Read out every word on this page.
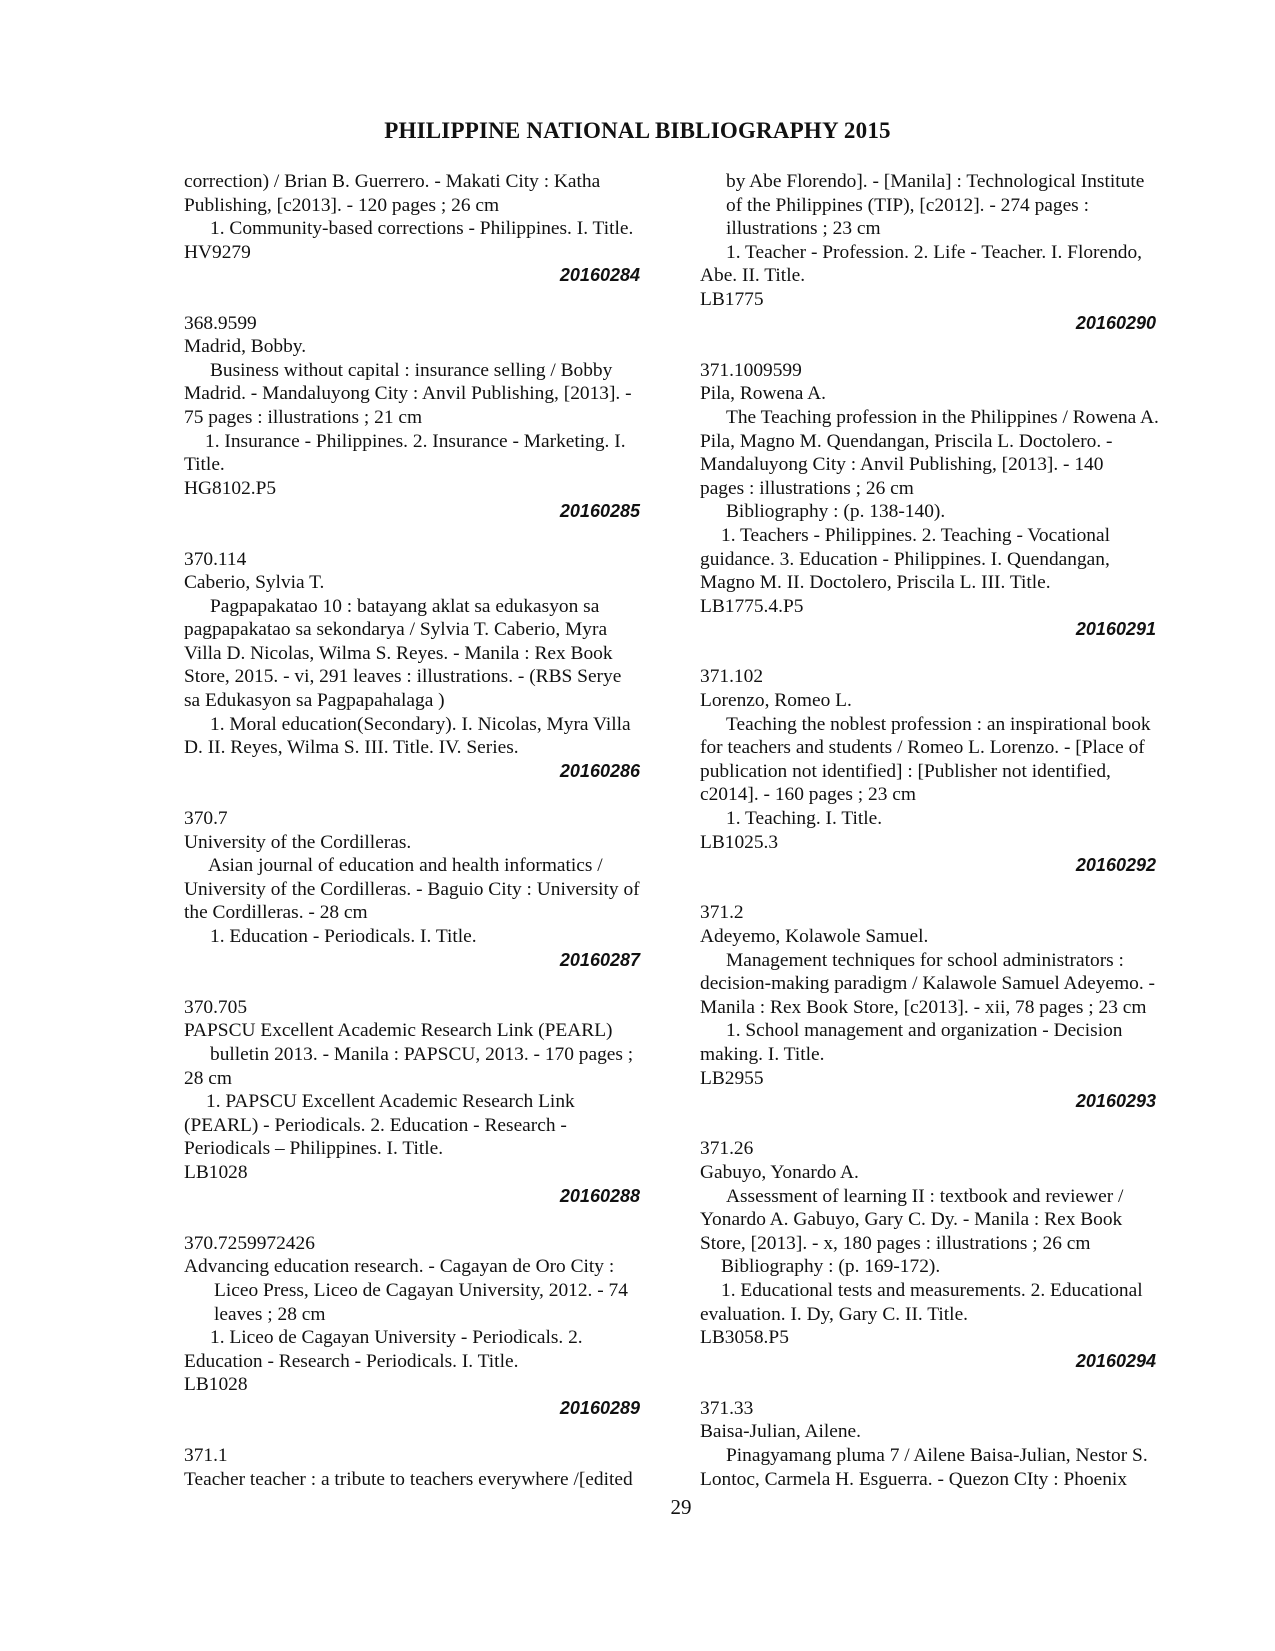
PHILIPPINE NATIONAL BIBLIOGRAPHY 2015
correction) / Brian B. Guerrero. - Makati City : Katha
Publishing, [c2013]. - 120 pages ; 26 cm
1. Community-based corrections - Philippines. I. Title.
HV9279
20160284
368.9599
Madrid, Bobby.
Business without capital : insurance selling / Bobby
Madrid. - Mandaluyong City : Anvil Publishing, [2013]. -
75 pages : illustrations ; 21 cm
1. Insurance - Philippines. 2. Insurance - Marketing. I.
Title.
HG8102.P5
20160285
370.114
Caberio, Sylvia T.
Pagpapakatao 10 : batayang aklat sa edukasyon sa
pagpapakatao sa sekondarya / Sylvia T. Caberio, Myra
Villa D. Nicolas, Wilma S. Reyes. - Manila : Rex Book
Store, 2015. - vi, 291 leaves : illustrations. - (RBS Serye
sa Edukasyon sa Pagpapahalaga )
1. Moral education(Secondary). I. Nicolas, Myra Villa
D. II. Reyes, Wilma S. III. Title. IV. Series.
20160286
370.7
University of the Cordilleras.
Asian journal of education and health informatics /
University of the Cordilleras. - Baguio City : University of
the Cordilleras. - 28 cm
1. Education - Periodicals. I. Title.
20160287
370.705
PAPSCU Excellent Academic Research Link (PEARL)
bulletin 2013. - Manila : PAPSCU, 2013. - 170 pages ;
28 cm
1. PAPSCU Excellent Academic Research Link
(PEARL) - Periodicals. 2. Education - Research -
Periodicals – Philippines. I. Title.
LB1028
20160288
370.7259972426
Advancing education research. - Cagayan de Oro City :
Liceo Press, Liceo de Cagayan University, 2012. - 74
leaves ; 28 cm
1. Liceo de Cagayan University - Periodicals. 2.
Education - Research - Periodicals. I. Title.
LB1028
20160289
371.1
Teacher teacher : a tribute to teachers everywhere /[edited
by Abe Florendo]. - [Manila] : Technological Institute
of the Philippines (TIP), [c2012]. - 274 pages :
illustrations ; 23 cm
1. Teacher - Profession. 2. Life - Teacher. I. Florendo,
Abe. II. Title.
LB1775
20160290
371.1009599
Pila, Rowena A.
The Teaching profession in the Philippines / Rowena A.
Pila, Magno M. Quendangan, Priscila L. Doctolero. -
Mandaluyong City : Anvil Publishing, [2013]. - 140
pages : illustrations ; 26 cm
Bibliography : (p. 138-140).
1. Teachers - Philippines. 2. Teaching - Vocational
guidance. 3. Education - Philippines. I. Quendangan,
Magno M. II. Doctolero, Priscila L. III. Title.
LB1775.4.P5
20160291
371.102
Lorenzo, Romeo L.
Teaching the noblest profession : an inspirational book
for teachers and students / Romeo L. Lorenzo. - [Place of
publication not identified] : [Publisher not identified,
c2014]. - 160 pages ; 23 cm
1. Teaching. I. Title.
LB1025.3
20160292
371.2
Adeyemo, Kolawole Samuel.
Management techniques for school administrators :
decision-making paradigm / Kalawole Samuel Adeyemo. -
Manila : Rex Book Store, [c2013]. - xii, 78 pages ; 23 cm
1. School management and organization - Decision
making. I. Title.
LB2955
20160293
371.26
Gabuyo, Yonardo A.
Assessment of learning II : textbook and reviewer /
Yonardo A. Gabuyo, Gary C. Dy. - Manila : Rex Book
Store, [2013]. - x, 180 pages : illustrations ; 26 cm
Bibliography : (p. 169-172).
1. Educational tests and measurements. 2. Educational
evaluation. I. Dy, Gary C. II. Title.
LB3058.P5
20160294
371.33
Baisa-Julian, Ailene.
Pinagyamang pluma 7 / Ailene Baisa-Julian, Nestor S.
Lontoc, Carmela H. Esguerra. - Quezon CIty : Phoenix
29
